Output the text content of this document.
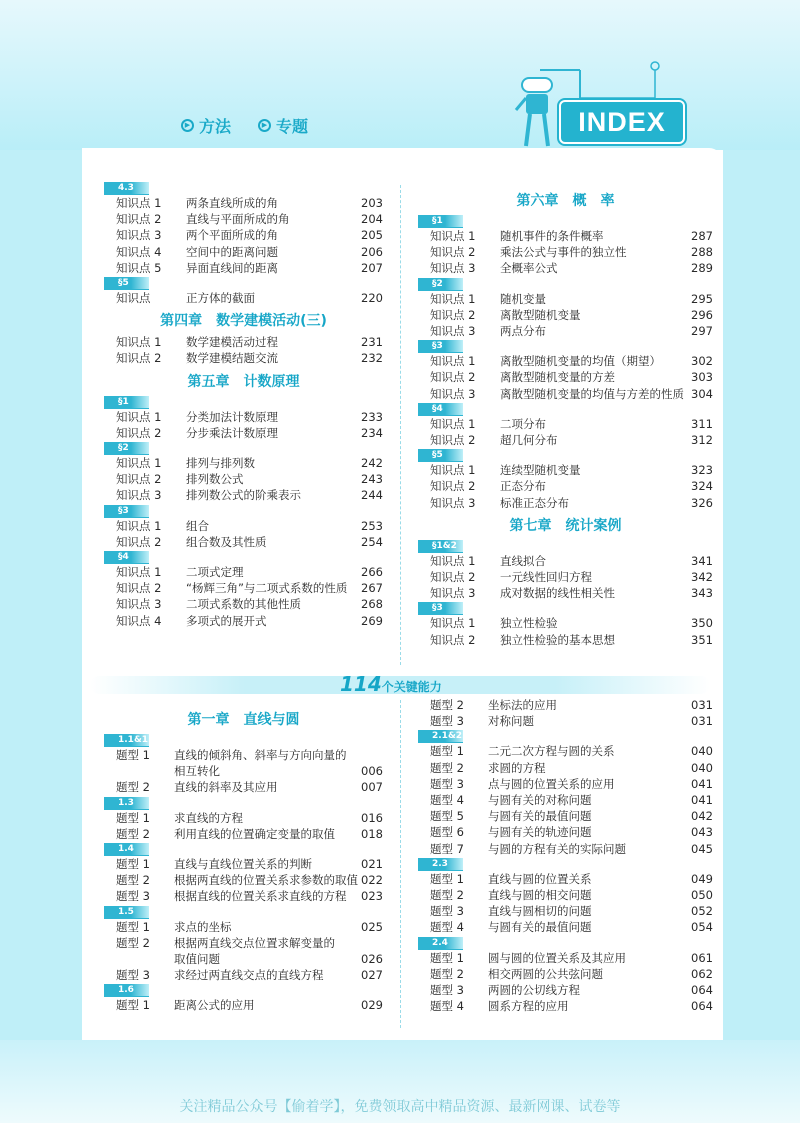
▶ 方法	▶ 专题	INDEX
114个关键能力
关注精品公众号【偷着学】，免费领取高中精品资源、最新网课、试卷等
4.3
知识点 1 两条直线所成的角	203
知识点 2 直线与平面所成的角	204
知识点 3 两个平面所成的角	205
知识点 4 空间中的距离问题	206
知识点 5 异面直线间的距离	207
§5
知识点	正方体的截面	220
第四章　数学建模活动(三)
知识点 1 数学建模活动过程	231
知识点 2 数学建模结题交流	232
第五章　计数原理
§1
知识点 1 分类加法计数原理	233
知识点 2 分步乘法计数原理	234
§2
知识点 1 排列与排列数	242
知识点 2 排列数公式	243
知识点 3 排列数公式的阶乘表示	244
§3
知识点 1 组合	253
知识点 2 组合数及其性质	254
§4
知识点 1 二项式定理	266
知识点 2 “杨辉三角”与二项式系数的性质 267
知识点 3 二项式系数的其他性质	268
知识点 4 多项式的展开式	269
第六章　概　率
§1
知识点 1 随机事件的条件概率	287
知识点 2 乘法公式与事件的独立性	288
知识点 3 全概率公式	289
§2
知识点 1 随机变量	295
知识点 2 离散型随机变量	296
知识点 3 两点分布	297
§3
知识点 1 离散型随机变量的均值（期望）	302
知识点 2 离散型随机变量的方差	303
知识点 3 离散型随机变量的均值与方差的性质 304
§4
知识点 1 二项分布	311
知识点 2 超几何分布	312
§5
知识点 1 连续型随机变量	323
知识点 2 正态分布	324
知识点 3 标准正态分布	326
第七章　统计案例
§1&2
知识点 1 直线拟合	341
知识点 2 一元线性回归方程	342
知识点 3 成对数据的线性相关性	343
§3
知识点 1 独立性检验	350
知识点 2 独立性检验的基本思想	351
第一章　直线与圆
1.1&1.2
题型 1 直线的倾斜角、斜率与方向向量的
相互转化	006
题型 2 直线的斜率及其应用	007
1.3
题型 1 求直线的方程	016
题型 2 利用直线的位置确定变量的取值 018
1.4
题型 1 直线与直线位置关系的判断	021
题型 2 根据两直线的位置关系求参数的取值 022
题型 3 根据直线的位置关系求直线的方程 023
1.5
题型 1 求点的坐标	025
题型 2 根据两直线交点位置求解变量的
取值问题	026
题型 3 求经过两直线交点的直线方程	027
1.6
题型 1 距离公式的应用	029
题型 2 坐标法的应用	031
题型 3 对称问题	031
2.1&2.2
题型 1 二元二次方程与圆的关系	040
题型 2 求圆的方程	040
题型 3 点与圆的位置关系的应用	041
题型 4 与圆有关的对称问题	041
题型 5 与圆有关的最值问题	042
题型 6 与圆有关的轨迹问题	043
题型 7 与圆的方程有关的实际问题	045
2.3
题型 1 直线与圆的位置关系	049
题型 2 直线与圆的相交问题	050
题型 3 直线与圆相切的问题	052
题型 4 与圆有关的最值问题	054
2.4
题型 1 圆与圆的位置关系及其应用	061
题型 2 相交两圆的公共弦问题	062
题型 3 两圆的公切线方程	064
题型 4 圆系方程的应用	064
